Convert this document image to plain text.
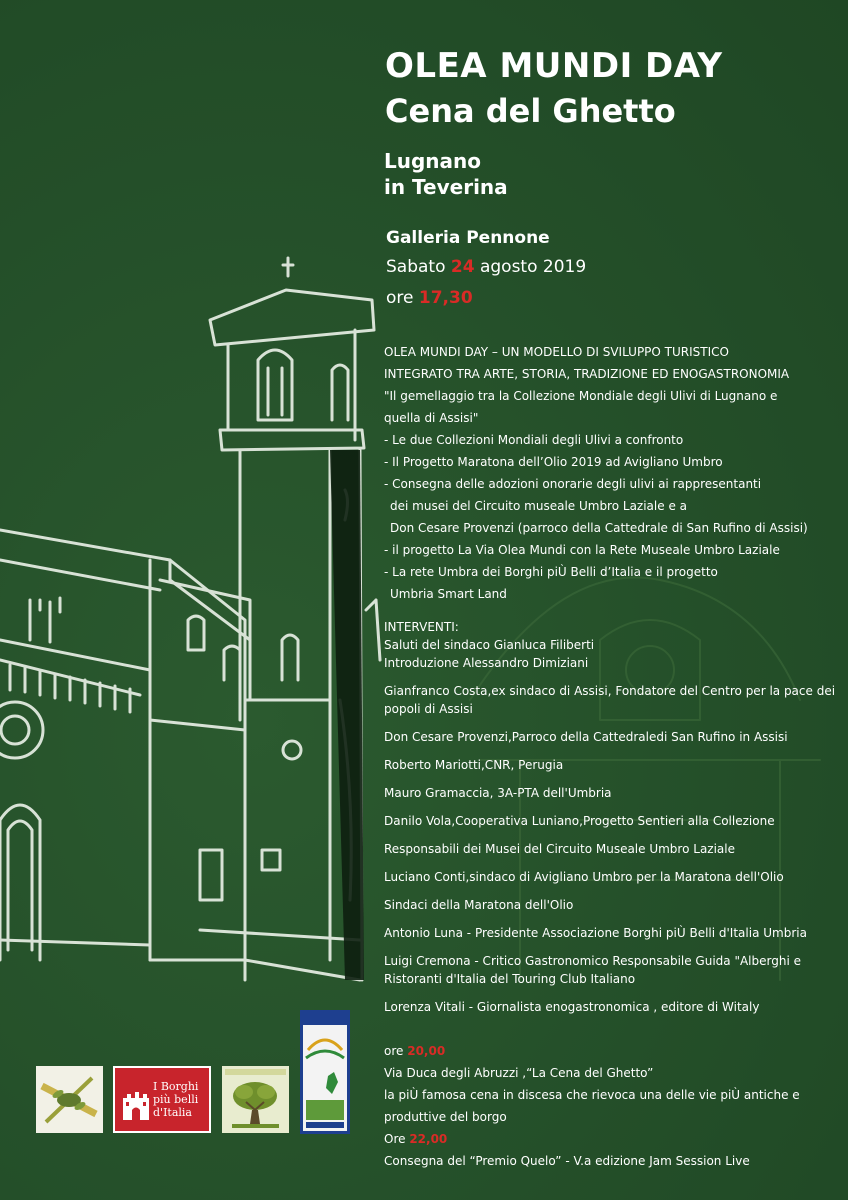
OLEA MUNDI DAY
Cena del Ghetto
Lugnano
in Teverina
Galleria Pennone
Sabato 24 agosto 2019
ore 17,30
OLEA MUNDI DAY – UN MODELLO DI SVILUPPO TURISTICO
INTEGRATO TRA ARTE, STORIA, TRADIZIONE ED ENOGASTRONOMIA
"Il gemellaggio tra la Collezione Mondiale degli Ulivi di Lugnano e
quella di Assisi"
- Le due Collezioni Mondiali degli Ulivi a confronto
- Il Progetto Maratona dell’Olio 2019 ad Avigliano Umbro
- Consegna delle adozioni onorarie degli ulivi ai rappresentanti
dei musei del Circuito museale Umbro Laziale e a
Don Cesare Provenzi (parroco della Cattedrale di San Rufino di Assisi)
- il progetto La Via Olea Mundi con la Rete Museale Umbro Laziale
- La rete Umbra dei Borghi piÙ Belli d’Italia e il progetto
Umbria Smart Land
INTERVENTI:
Saluti del sindaco Gianluca Filiberti
Introduzione Alessandro Dimiziani
Gianfranco Costa,ex sindaco di Assisi, Fondatore del Centro per la pace dei popoli di Assisi
Don Cesare Provenzi,Parroco della Cattedraledi San Rufino in Assisi
Roberto Mariotti,CNR, Perugia
Mauro Gramaccia, 3A-PTA dell'Umbria
Danilo Vola,Cooperativa Luniano,Progetto Sentieri alla Collezione
Responsabili dei Musei del Circuito Museale Umbro Laziale
Luciano Conti,sindaco di Avigliano Umbro per la Maratona dell'Olio
Sindaci della Maratona dell'Olio
Antonio Luna - Presidente Associazione Borghi piÙ Belli d'Italia Umbria
Luigi Cremona - Critico Gastronomico Responsabile Guida "Alberghi e Ristoranti d'Italia del Touring Club Italiano
Lorenza Vitali - Giornalista enogastronomica , editore di Witaly
ore 20,00
Via Duca degli Abruzzi ,“La Cena del Ghetto”
la piÙ famosa cena in discesa che rievoca una delle vie piÙ antiche e
produttive del borgo
Ore 22,00
Consegna del “Premio Quelo” - V.a edizione Jam Session Live
I Borghi
più belli
d'Italia
